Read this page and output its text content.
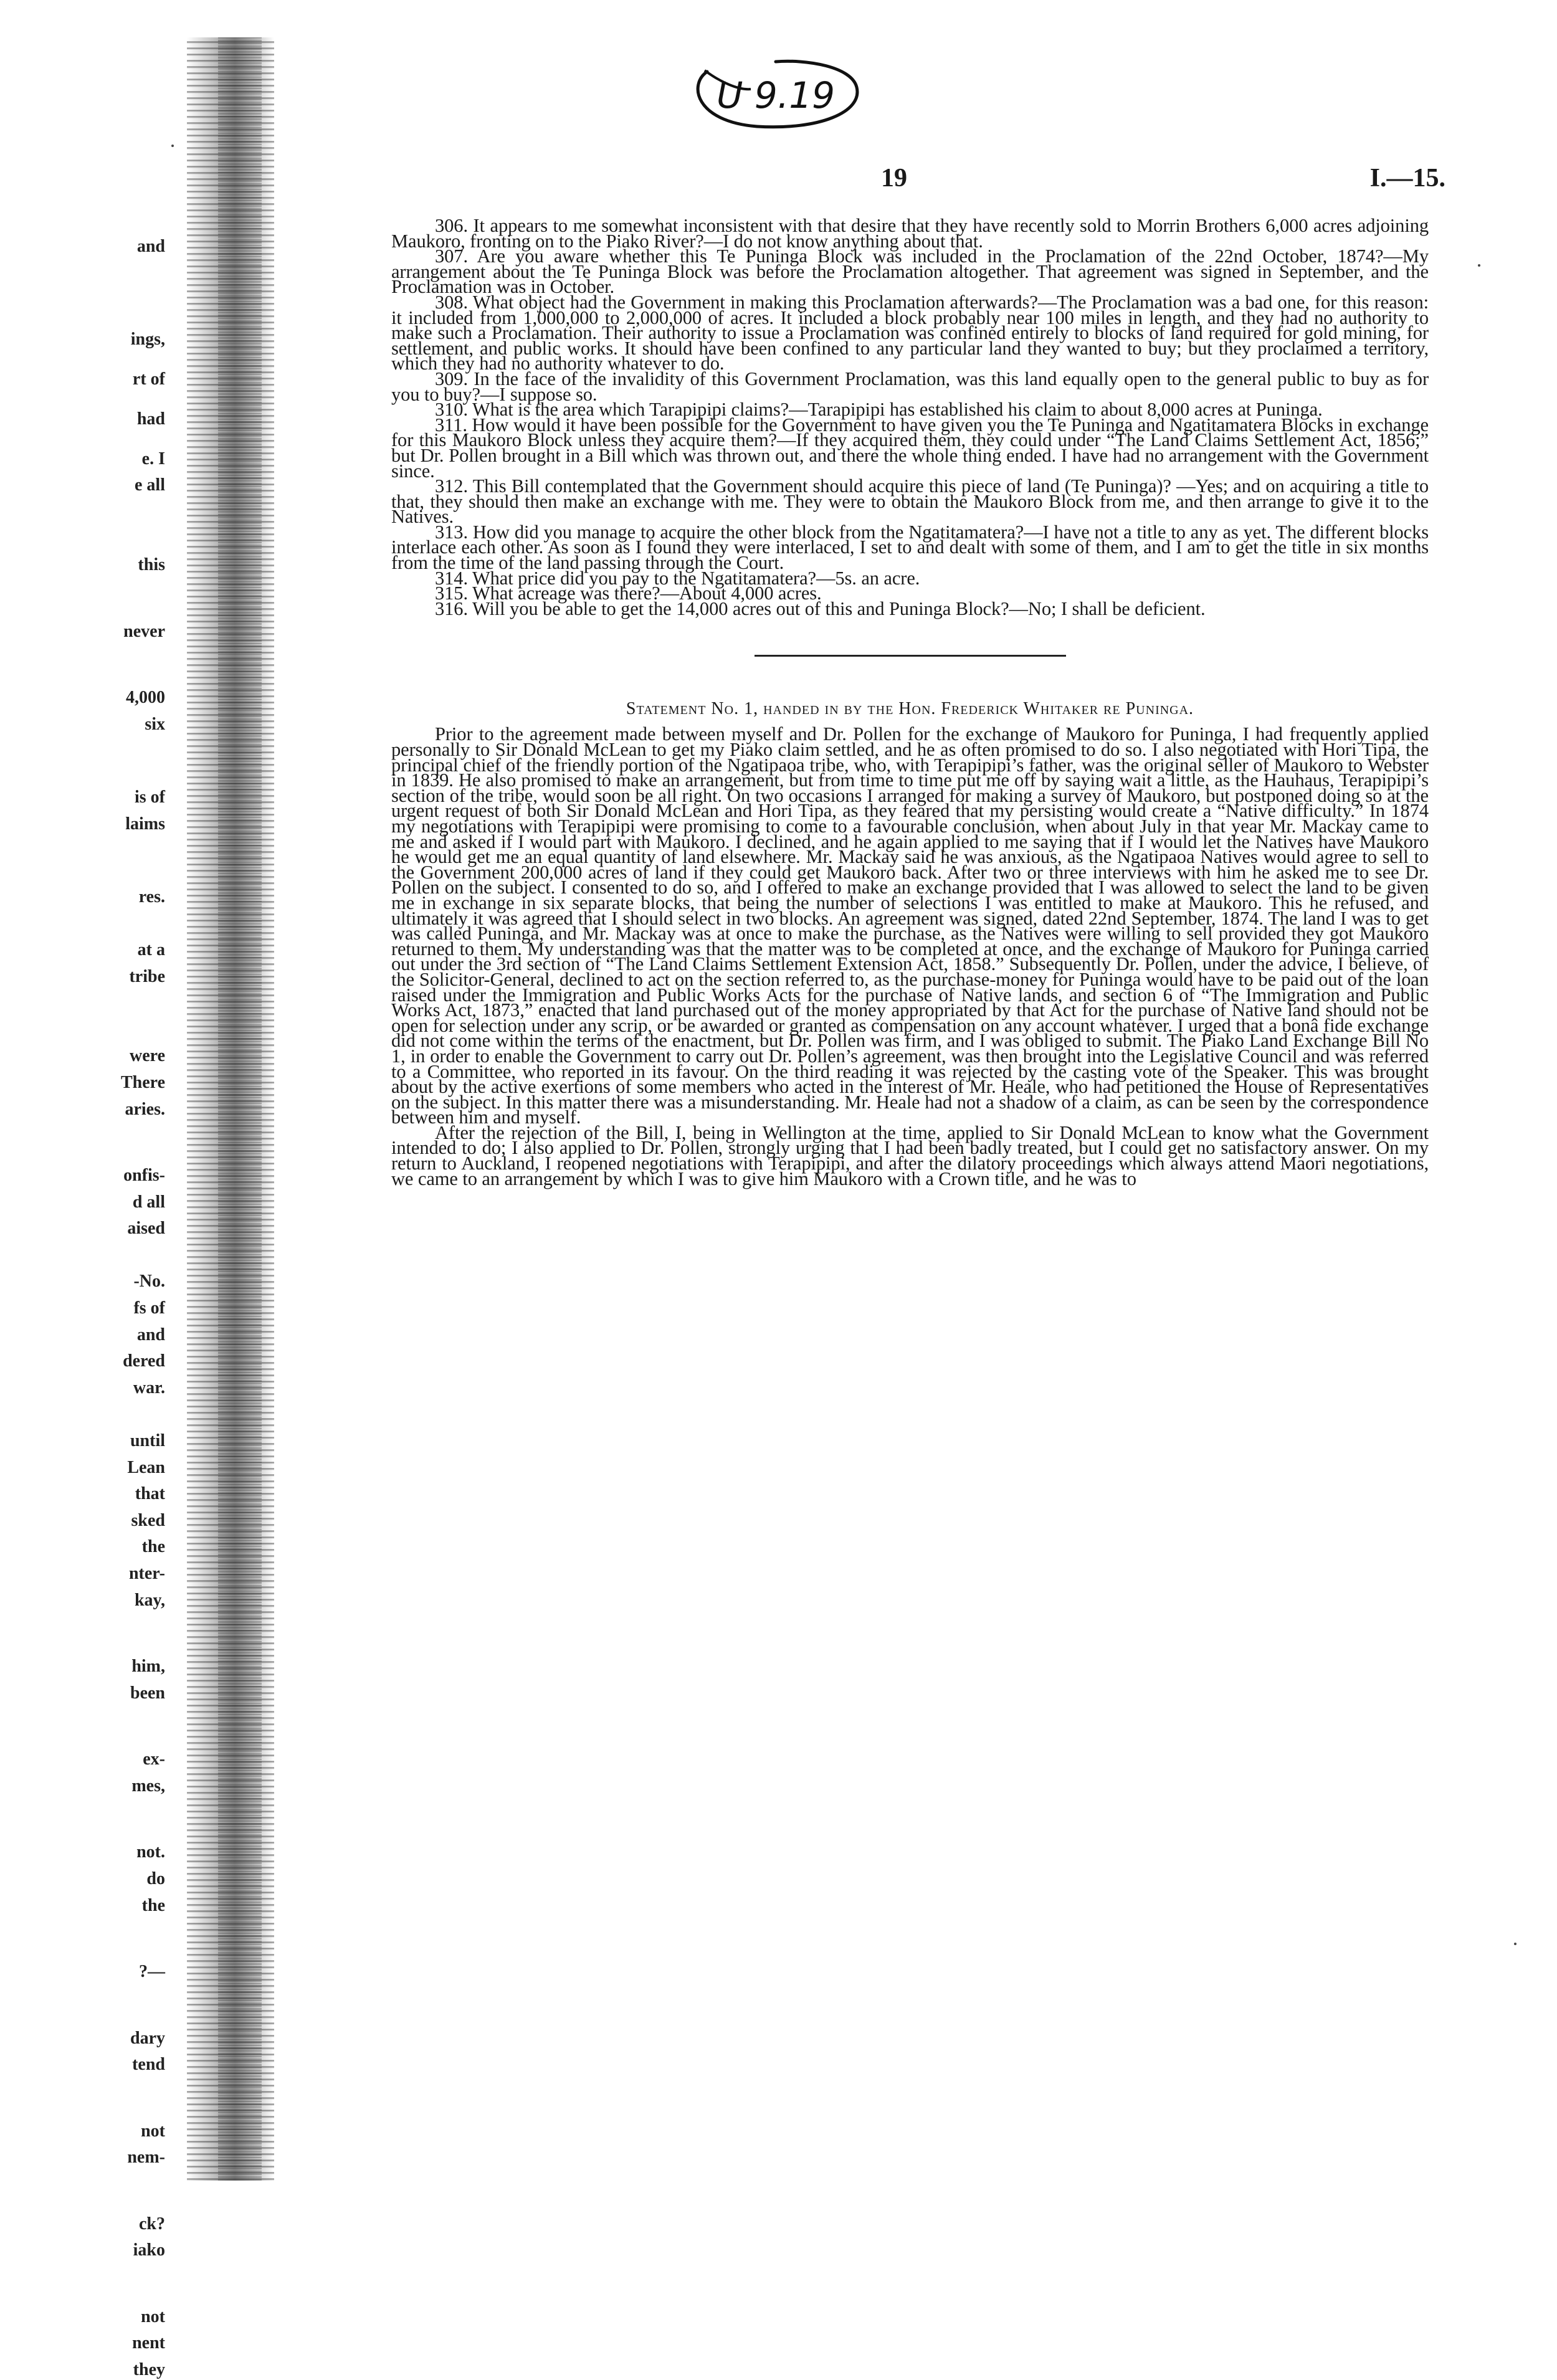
U 9.19
and
ings,
rt of
had
e. I
e all
this
never
4,000
six
is of
laims
res.
at a
tribe
were
There
aries.
onfis-
d all
aised
-No.
fs of
and
dered
war.
until
Lean
that
sked
the
nter-
kay,
him,
been
ex-
mes,
not.
do
the
?—
dary
tend
not
nem-
ck?
iako
not
nent
they
19	I.—15.

306. It appears to me somewhat inconsistent with that desire that they have recently sold to Morrin Brothers 6,000 acres adjoining Maukoro, fronting on to the Piako River?—I do not know anything about that.

307. Are you aware whether this Te Puninga Block was included in the Proclamation of the 22nd October, 1874?—My arrangement about the Te Puninga Block was before the Proclamation altogether. That agreement was signed in September, and the Proclamation was in October.

308. What object had the Government in making this Proclamation afterwards?—The Proclamation was a bad one, for this reason: it included from 1,000,000 to 2,000,000 of acres. It included a block probably near 100 miles in length, and they had no authority to make such a Proclamation. Their authority to issue a Proclamation was confined entirely to blocks of land required for gold mining, for settlement, and public works. It should have been confined to any particular land they wanted to buy; but they proclaimed a territory, which they had no authority whatever to do.

309. In the face of the invalidity of this Government Proclamation, was this land equally open to the general public to buy as for you to buy?—I suppose so.

310. What is the area which Tarapipipi claims?—Tarapipipi has established his claim to about 8,000 acres at Puninga.

311. How would it have been possible for the Government to have given you the Te Puninga and Ngatitamatera Blocks in exchange for this Maukoro Block unless they acquire them?—If they acquired them, they could under “The Land Claims Settlement Act, 1856;” but Dr. Pollen brought in a Bill which was thrown out, and there the whole thing ended. I have had no arrangement with the Government since.

312. This Bill contemplated that the Government should acquire this piece of land (Te Puninga)? —Yes; and on acquiring a title to that, they should then make an exchange with me. They were to obtain the Maukoro Block from me, and then arrange to give it to the Natives.

313. How did you manage to acquire the other block from the Ngatitamatera?—I have not a title to any as yet. The different blocks interlace each other. As soon as I found they were interlaced, I set to and dealt with some of them, and I am to get the title in six months from the time of the land passing through the Court.

314. What price did you pay to the Ngatitamatera?—5s. an acre.

315. What acreage was there?—About 4,000 acres.

316. Will you be able to get the 14,000 acres out of this and Puninga Block?—No; I shall be deficient.

Statement No. 1, handed in by the Hon. Frederick Whitaker re Puninga.

Prior to the agreement made between myself and Dr. Pollen for the exchange of Maukoro for Puninga, I had frequently applied personally to Sir Donald McLean to get my Piako claim settled, and he as often promised to do so. I also negotiated with Hori Tipa, the principal chief of the friendly portion of the Ngatipaoa tribe, who, with Terapipipi’s father, was the original seller of Maukoro to Webster in 1839. He also promised to make an arrangement, but from time to time put me off by saying wait a little, as the Hauhaus, Terapipipi’s section of the tribe, would soon be all right. On two occasions I arranged for making a survey of Maukoro, but postponed doing so at the urgent request of both Sir Donald McLean and Hori Tipa, as they feared that my persisting would create a “Native difficulty.” In 1874 my negotiations with Terapipipi were promising to come to a favourable conclusion, when about July in that year Mr. Mackay came to me and asked if I would part with Maukoro. I declined, and he again applied to me saying that if I would let the Natives have Maukoro he would get me an equal quantity of land elsewhere. Mr. Mackay said he was anxious, as the Ngatipaoa Natives would agree to sell to the Government 200,000 acres of land if they could get Maukoro back. After two or three interviews with him he asked me to see Dr. Pollen on the subject. I consented to do so, and I offered to make an exchange provided that I was allowed to select the land to be given me in exchange in six separate blocks, that being the number of selections I was entitled to make at Maukoro. This he refused, and ultimately it was agreed that I should select in two blocks. An agreement was signed, dated 22nd September, 1874. The land I was to get was called Puninga, and Mr. Mackay was at once to make the purchase, as the Natives were willing to sell provided they got Maukoro returned to them. My understanding was that the matter was to be completed at once, and the exchange of Maukoro for Puninga carried out under the 3rd section of “The Land Claims Settlement Extension Act, 1858.” Subsequently Dr. Pollen, under the advice, I believe, of the Solicitor-General, declined to act on the section referred to, as the purchase-money for Puninga would have to be paid out of the loan raised under the Immigration and Public Works Acts for the purchase of Native lands, and section 6 of “The Immigration and Public Works Act, 1873,” enacted that land purchased out of the money appropriated by that Act for the purchase of Native land should not be open for selection under any scrip, or be awarded or granted as compensation on any account whatever. I urged that a bonâ fide exchange did not come within the terms of the enactment, but Dr. Pollen was firm, and I was obliged to submit. The Piako Land Exchange Bill No 1, in order to enable the Government to carry out Dr. Pollen’s agreement, was then brought into the Legislative Council and was referred to a Committee, who reported in its favour. On the third reading it was rejected by the casting vote of the Speaker. This was brought about by the active exertions of some members who acted in the interest of Mr. Heale, who had petitioned the House of Representatives on the subject. In this matter there was a misunderstanding. Mr. Heale had not a shadow of a claim, as can be seen by the correspondence between him and myself.

After the rejection of the Bill, I, being in Wellington at the time, applied to Sir Donald McLean to know what the Government intended to do; I also applied to Dr. Pollen, strongly urging that I had been badly treated, but I could get no satisfactory answer. On my return to Auckland, I reopened negotiations with Terapipipi, and after the dilatory proceedings which always attend Maori negotiations, we came to an arrangement by which I was to give him Maukoro with a Crown title, and he was to
